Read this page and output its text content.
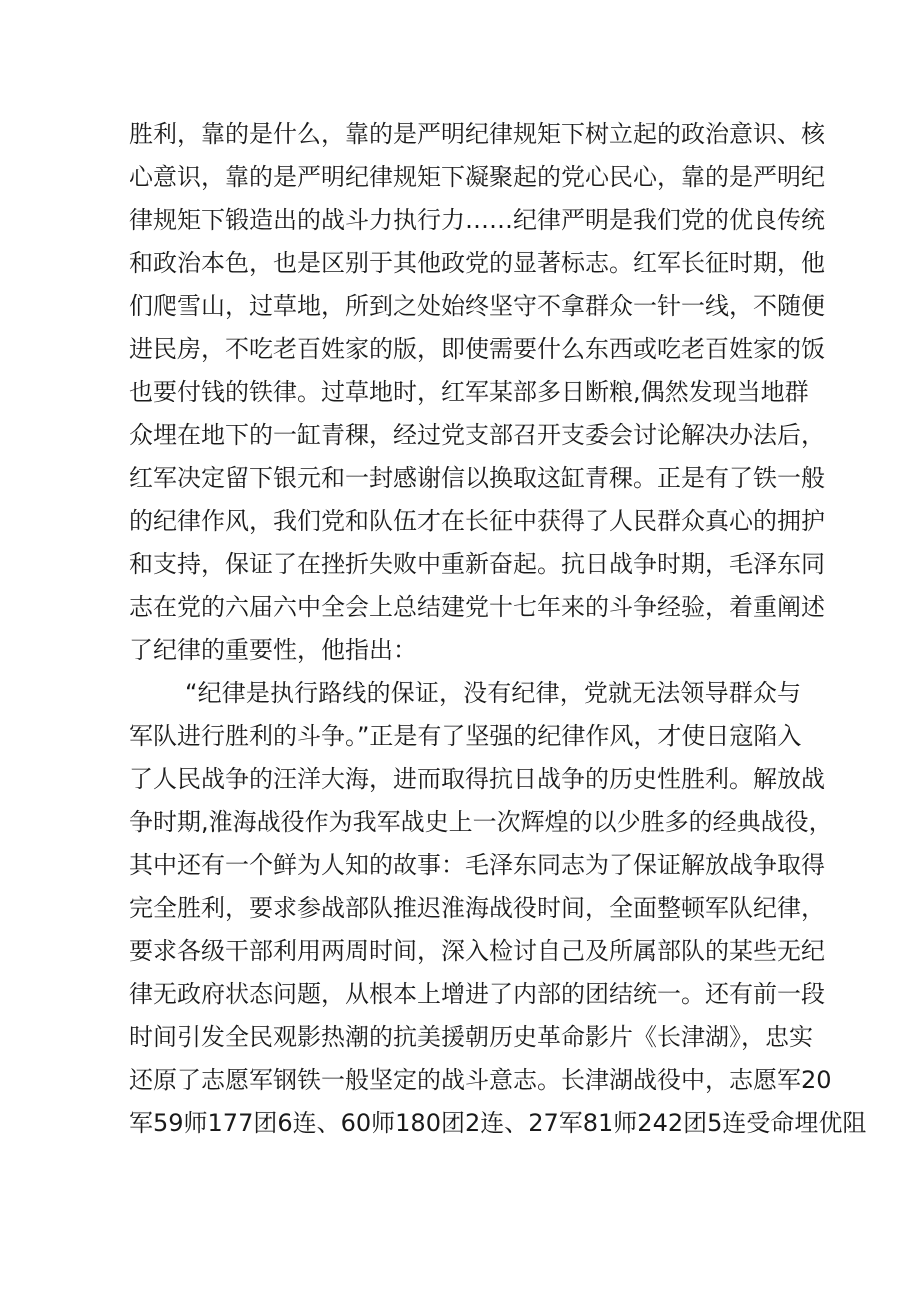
胜利，靠的是什么，靠的是严明纪律规矩下树立起的政治意识、核
心意识，靠的是严明纪律规矩下凝聚起的党心民心，靠的是严明纪
律规矩下锻造出的战斗力执行力……纪律严明是我们党的优良传统
和政治本色，也是区别于其他政党的显著标志。红军长征时期，他
们爬雪山，过草地，所到之处始终坚守不拿群众一针一线，不随便
进民房，不吃老百姓家的版，即使需要什么东西或吃老百姓家的饭
也要付钱的铁律。过草地时，红军某部多日断粮,偶然发现当地群
众埋在地下的一缸青稞，经过党支部召开支委会讨论解决办法后，
红军决定留下银元和一封感谢信以换取这缸青稞。正是有了铁一般
的纪律作风，我们党和队伍才在长征中获得了人民群众真心的拥护
和支持，保证了在挫折失败中重新奋起。抗日战争时期，毛泽东同
志在党的六届六中全会上总结建党十七年来的斗争经验，着重阐述
了纪律的重要性，他指出：
“纪律是执行路线的保证，没有纪律，党就无法领导群众与
军队进行胜利的斗争。”正是有了坚强的纪律作风，才使日寇陷入
了人民战争的汪洋大海，进而取得抗日战争的历史性胜利。解放战
争时期,淮海战役作为我军战史上一次辉煌的以少胜多的经典战役，
其中还有一个鲜为人知的故事：毛泽东同志为了保证解放战争取得
完全胜利，要求参战部队推迟淮海战役时间，全面整顿军队纪律，
要求各级干部利用两周时间，深入检讨自己及所属部队的某些无纪
律无政府状态问题，从根本上增进了内部的团结统一。还有前一段
时间引发全民观影热潮的抗美援朝历史革命影片《长津湖》，忠实
还原了志愿军钢铁一般坚定的战斗意志。长津湖战役中，志愿军20
军59师177团6连、60师180团2连、27军81师242团5连受命埋优阻
